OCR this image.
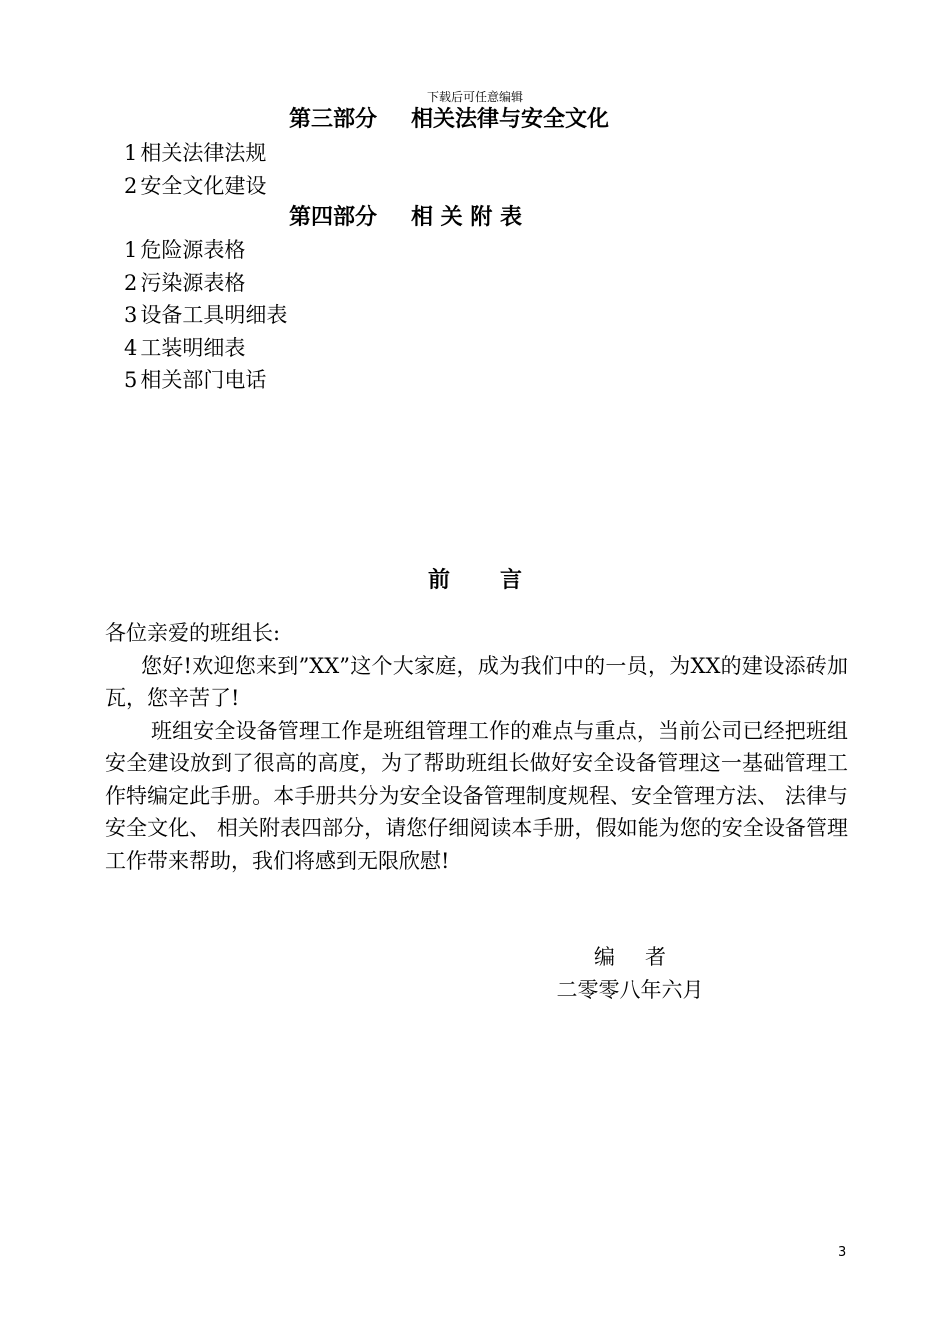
下载后可任意编辑
第三部分 相关法律与安全文化
1 相关法律法规
2 安全文化建设
第四部分 相 关 附 表
1 危险源表格
2 污染源表格
3 设备工具明细表
4 工装明细表
5 相关部门电话
前言

各位亲爱的班组长:

您好!欢迎您来到”XX”这个大家庭，成为我们中的一员，为XX的建设添砖加瓦，您辛苦了!

班组安全设备管理工作是班组管理工作的难点与重点，当前公司已经把班组安全建设放到了很高的高度，为了帮助班组长做好安全设备管理这一基础管理工作特编定此手册。本手册共分为安全设备管理制度规程、安全管理方法、 法律与安全文化、 相关附表四部分，请您仔细阅读本手册，假如能为您的安全设备管理工作带来帮助，我们将感到无限欣慰!

编者
二零零八年六月
3
